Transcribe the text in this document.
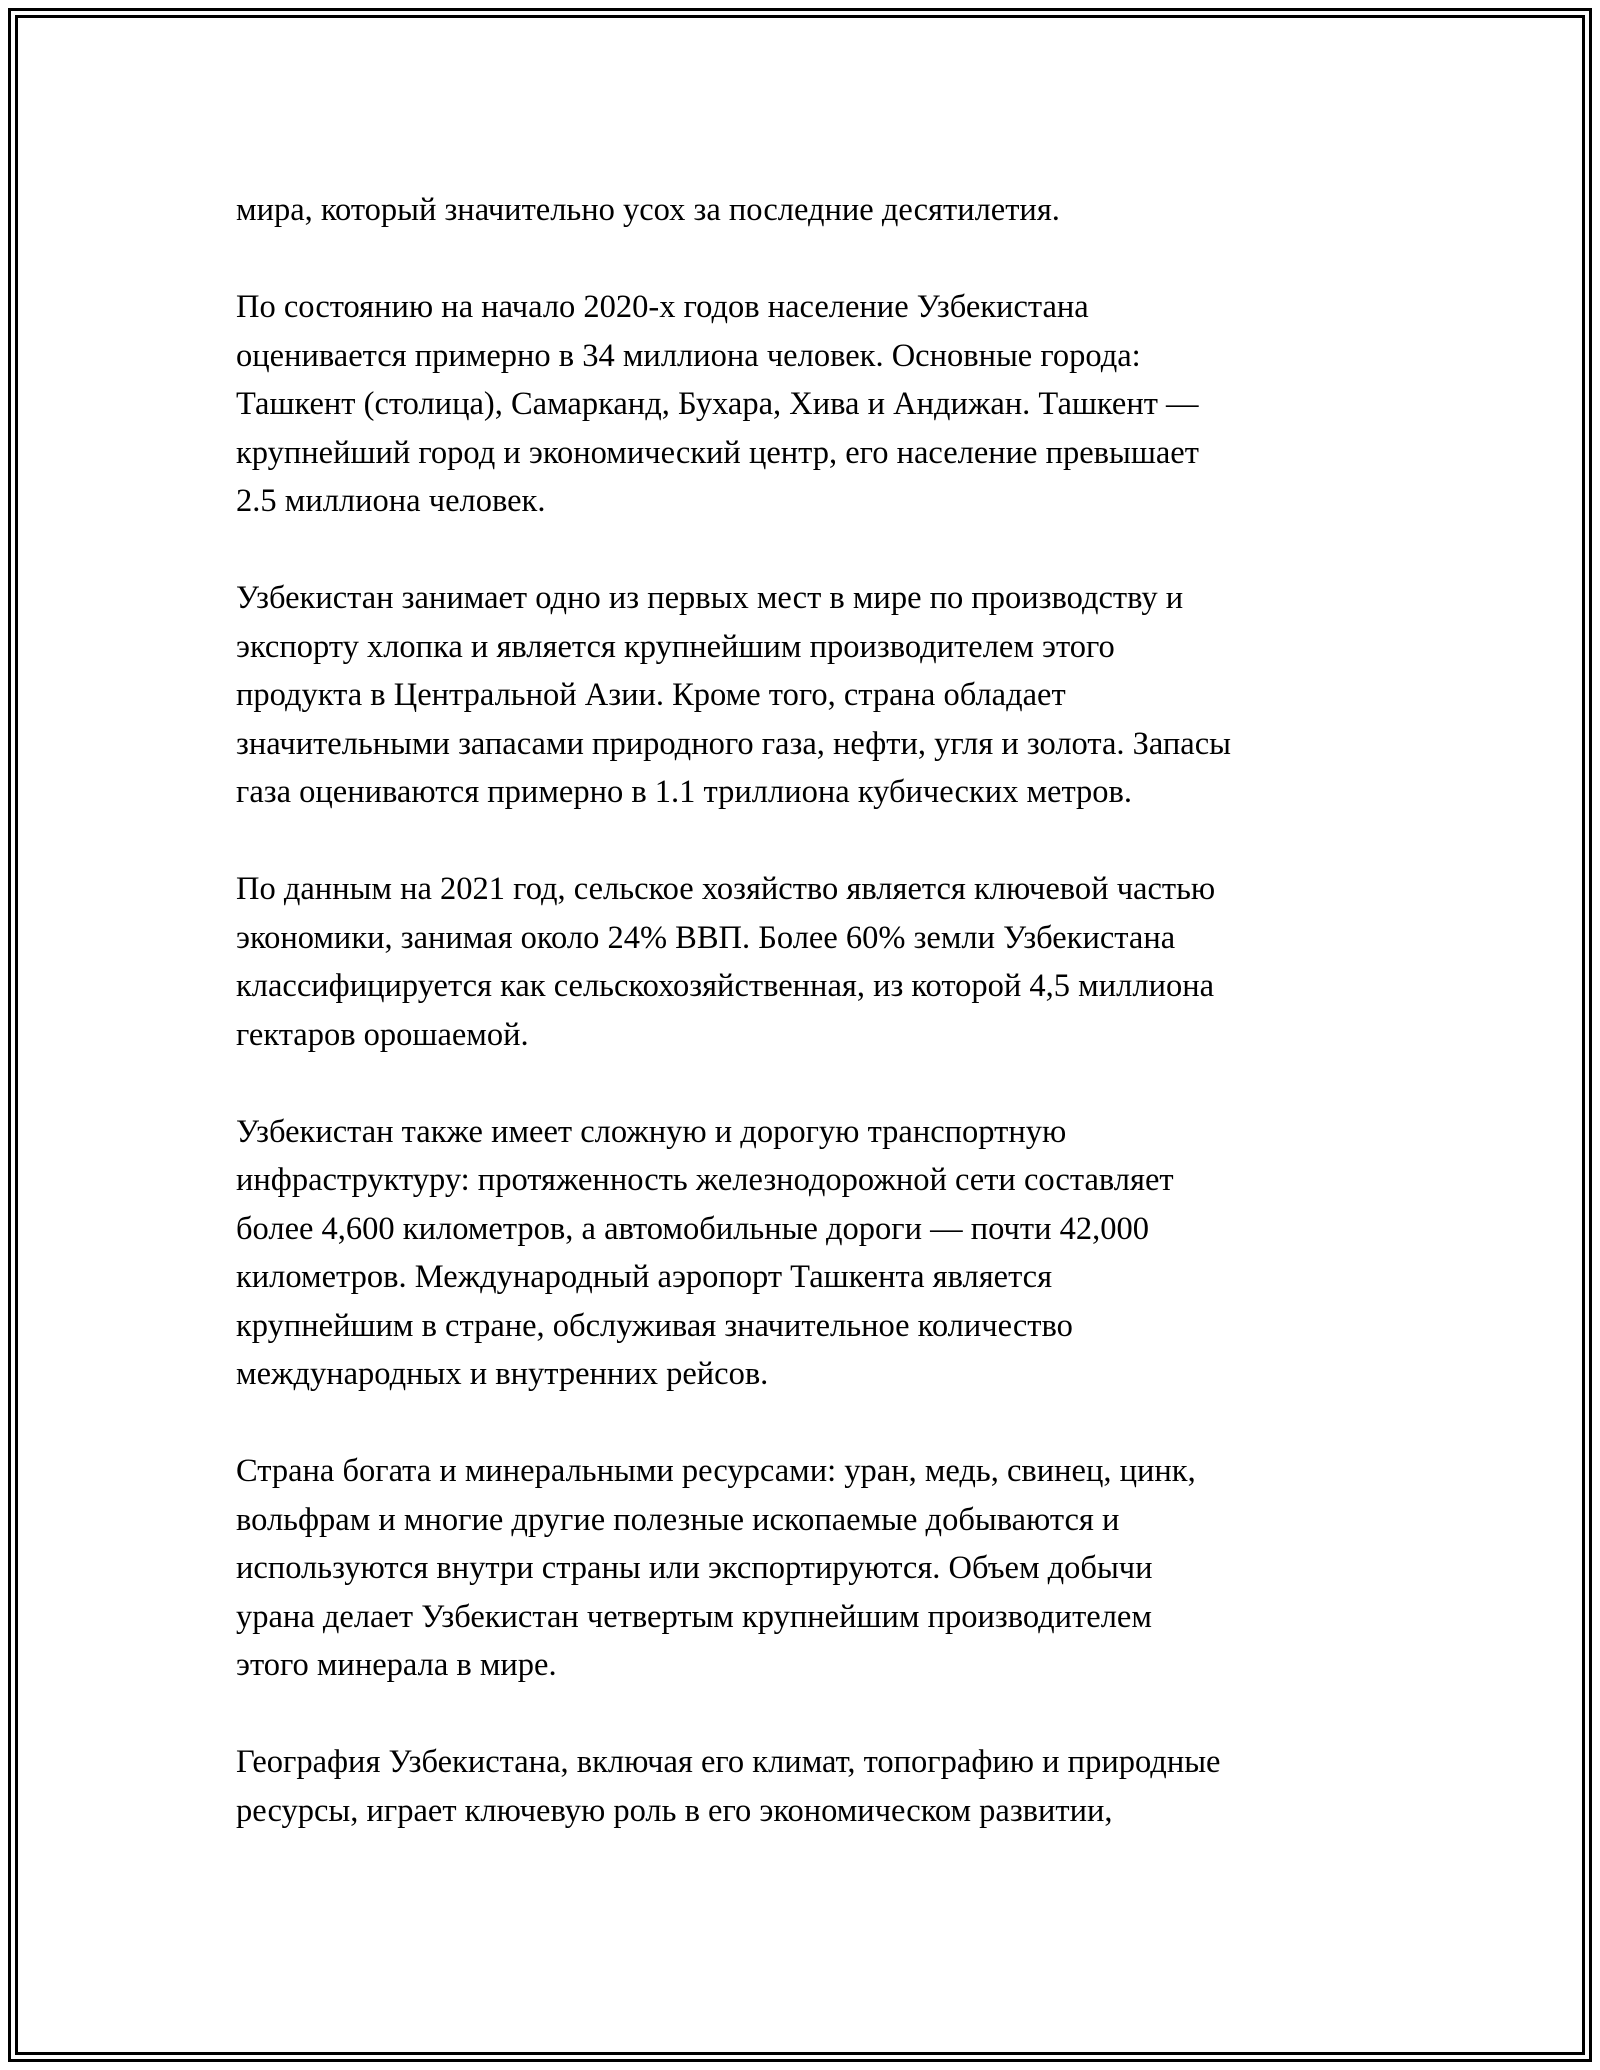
мира, который значительно усох за последние десятилетия.

По состоянию на начало 2020-х годов население Узбекистана
оценивается примерно в 34 миллиона человек. Основные города:
Ташкент (столица), Самарканд, Бухара, Хива и Андижан. Ташкент —
крупнейший город и экономический центр, его население превышает
2.5 миллиона человек.

Узбекистан занимает одно из первых мест в мире по производству и
экспорту хлопка и является крупнейшим производителем этого
продукта в Центральной Азии. Кроме того, страна обладает
значительными запасами природного газа, нефти, угля и золота. Запасы
газа оцениваются примерно в 1.1 триллиона кубических метров.

По данным на 2021 год, сельское хозяйство является ключевой частью
экономики, занимая около 24% ВВП. Более 60% земли Узбекистана
классифицируется как сельскохозяйственная, из которой 4,5 миллиона
гектаров орошаемой.

Узбекистан также имеет сложную и дорогую транспортную
инфраструктуру: протяженность железнодорожной сети составляет
более 4,600 километров, а автомобильные дороги — почти 42,000
километров. Международный аэропорт Ташкента является
крупнейшим в стране, обслуживая значительное количество
международных и внутренних рейсов.

Страна богата и минеральными ресурсами: уран, медь, свинец, цинк,
вольфрам и многие другие полезные ископаемые добываются и
используются внутри страны или экспортируются. Объем добычи
урана делает Узбекистан четвертым крупнейшим производителем
этого минерала в мире.

География Узбекистана, включая его климат, топографию и природные
ресурсы, играет ключевую роль в его экономическом развитии,
